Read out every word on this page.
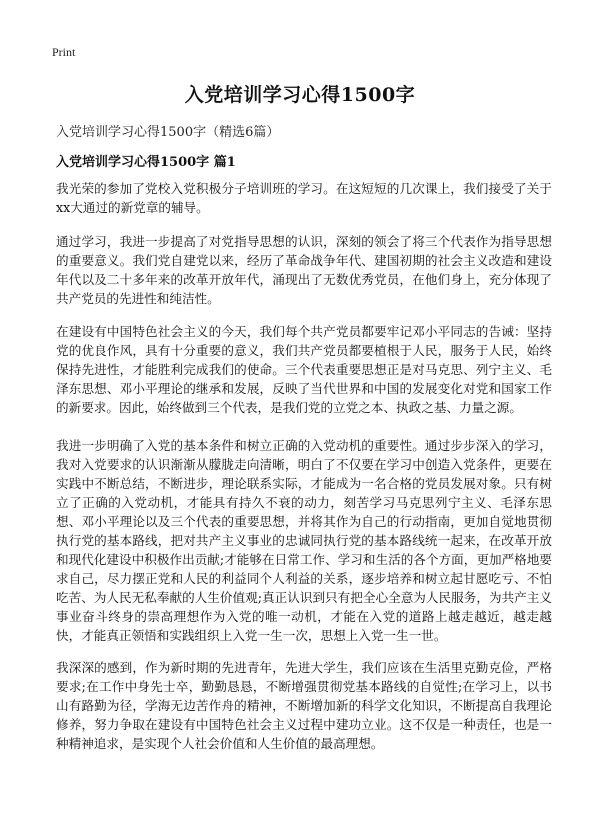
Print
入党培训学习心得1500字
入党培训学习心得1500字（精选6篇）
入党培训学习心得1500字 篇1

我光荣的参加了党校入党积极分子培训班的学习。在这短短的几次课上，我们接受了关于xx大通过的新党章的辅导。

通过学习，我进一步提高了对党指导思想的认识，深刻的领会了将三个代表作为指导思想的重要意义。我们党自建党以来，经历了革命战争年代、建国初期的社会主义改造和建设年代以及二十多年来的改革开放年代，涌现出了无数优秀党员，在他们身上，充分体现了共产党员的先进性和纯洁性。

在建设有中国特色社会主义的今天，我们每个共产党员都要牢记邓小平同志的告诫：坚持党的优良作风，具有十分重要的意义，我们共产党员都要植根于人民，服务于人民，始终保持先进性，才能胜利完成我们的使命。三个代表重要思想正是对马克思、列宁主义、毛泽东思想、邓小平理论的继承和发展，反映了当代世界和中国的发展变化对党和国家工作的新要求。因此，始终做到三个代表，是我们党的立党之本、执政之基、力量之源。

我进一步明确了入党的基本条件和树立正确的入党动机的重要性。通过步步深入的学习，我对入党要求的认识渐渐从朦胧走向清晰，明白了不仅要在学习中创造入党条件，更要在实践中不断总结，不断进步，理论联系实际，才能成为一名合格的党员发展对象。只有树立了正确的入党动机，才能具有持久不衰的动力，刻苦学习马克思列宁主义、毛泽东思想、邓小平理论以及三个代表的重要思想，并将其作为自己的行动指南，更加自觉地贯彻执行党的基本路线，把对共产主义事业的忠诚同执行党的基本路线统一起来，在改革开放和现代化建设中积极作出贡献;才能够在日常工作、学习和生活的各个方面，更加严格地要求自己，尽力摆正党和人民的利益同个人利益的关系，逐步培养和树立起甘愿吃亏、不怕吃苦、为人民无私奉献的人生价值观;真正认识到只有把全心全意为人民服务，为共产主义事业奋斗终身的崇高理想作为入党的唯一动机，才能在入党的道路上越走越近，越走越快，才能真正领悟和实践组织上入党一生一次，思想上入党一生一世。

我深深的感到，作为新时期的先进青年，先进大学生，我们应该在生活里克勤克俭，严格要求;在工作中身先士卒，勤勤恳恳，不断增强贯彻党基本路线的自觉性;在学习上，以书山有路勤为径，学海无边苦作舟的精神，不断增加新的科学文化知识，不断提高自我理论修养，努力争取在建设有中国特色社会主义过程中建功立业。这不仅是一种责任，也是一种精神追求，是实现个人社会价值和人生价值的最高理想。
